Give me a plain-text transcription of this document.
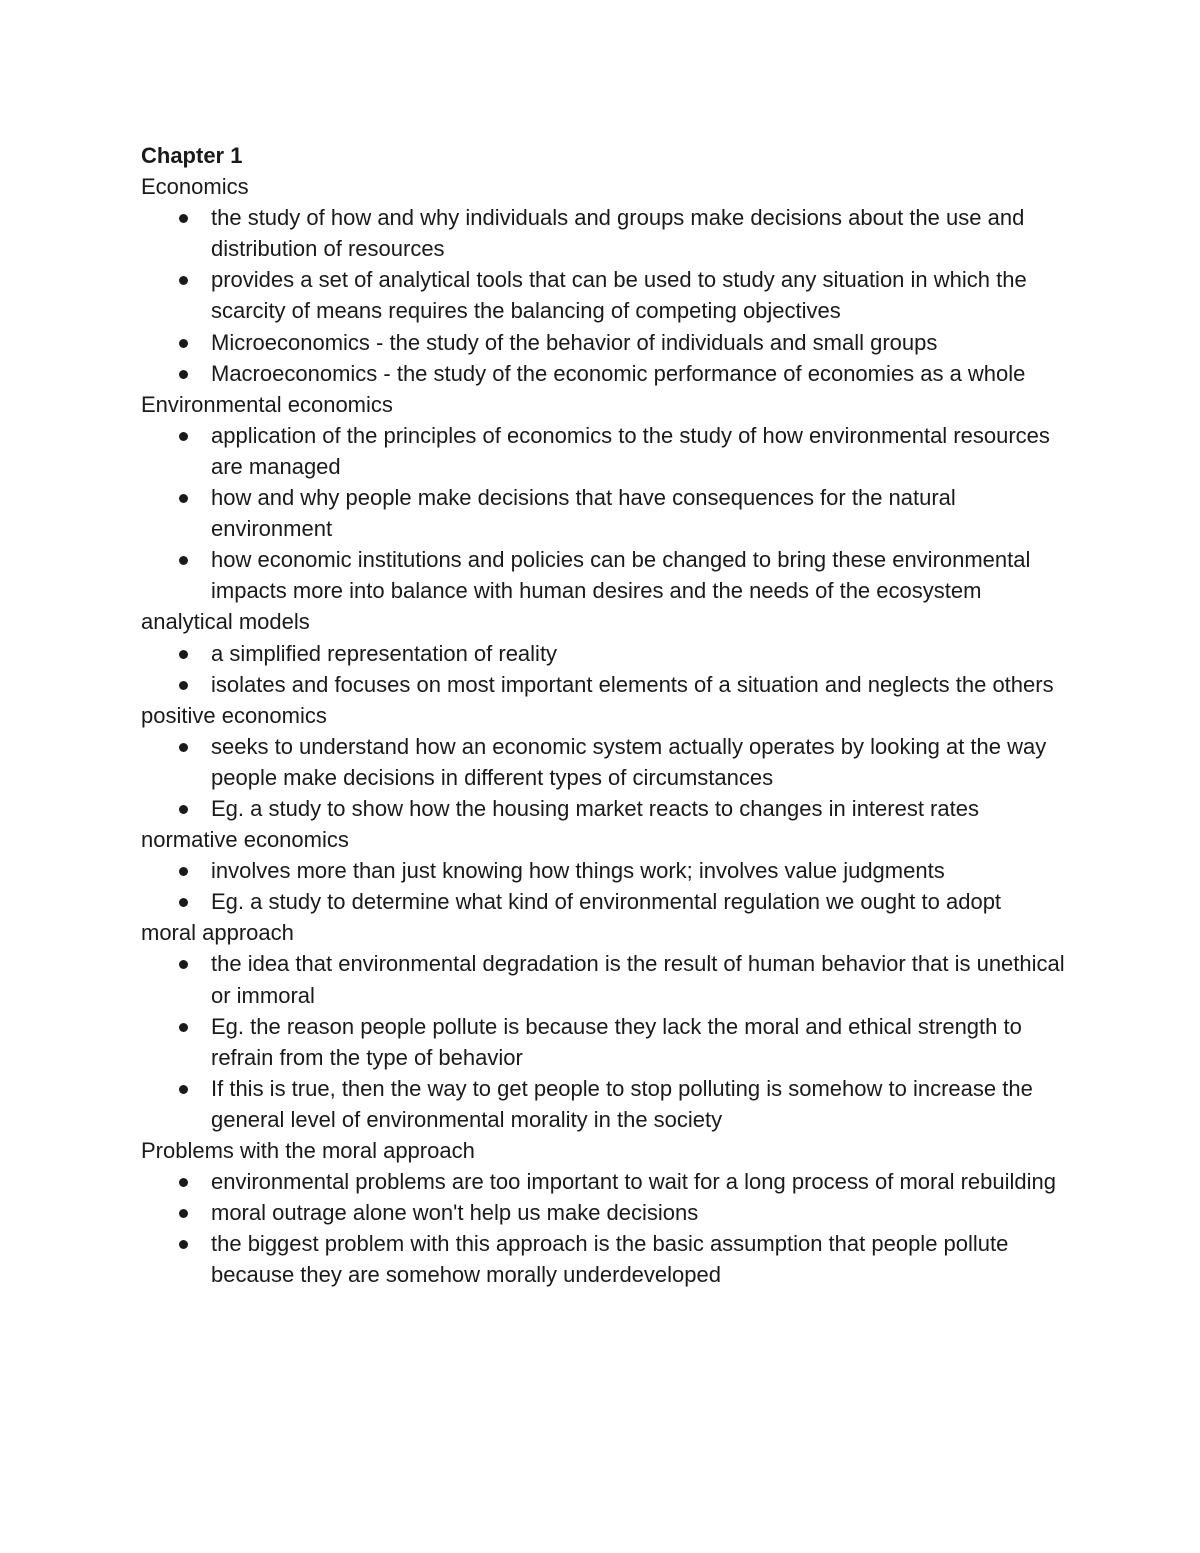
Chapter 1

Economics

the study of how and why individuals and groups make decisions about the use and distribution of resources
provides a set of analytical tools that can be used to study any situation in which the scarcity of means requires the balancing of competing objectives
Microeconomics - the study of the behavior of individuals and small groups
Macroeconomics - the study of the economic performance of economies as a whole

Environmental economics

application of the principles of economics to the study of how environmental resources are managed
how and why people make decisions that have consequences for the natural environment
how economic institutions and policies can be changed to bring these environmental impacts more into balance with human desires and the needs of the ecosystem

analytical models

a simplified representation of reality
isolates and focuses on most important elements of a situation and neglects the others

positive economics

seeks to understand how an economic system actually operates by looking at the way people make decisions in different types of circumstances
Eg. a study to show how the housing market reacts to changes in interest rates

normative economics

involves more than just knowing how things work; involves value judgments
Eg. a study to determine what kind of environmental regulation we ought to adopt

moral approach

the idea that environmental degradation is the result of human behavior that is unethical or immoral
Eg. the reason people pollute is because they lack the moral and ethical strength to refrain from the type of behavior
If this is true, then the way to get people to stop polluting is somehow to increase the general level of environmental morality in the society

Problems with the moral approach

environmental problems are too important to wait for a long process of moral rebuilding
moral outrage alone won't help us make decisions
the biggest problem with this approach is the basic assumption that people pollute because they are somehow morally underdeveloped
